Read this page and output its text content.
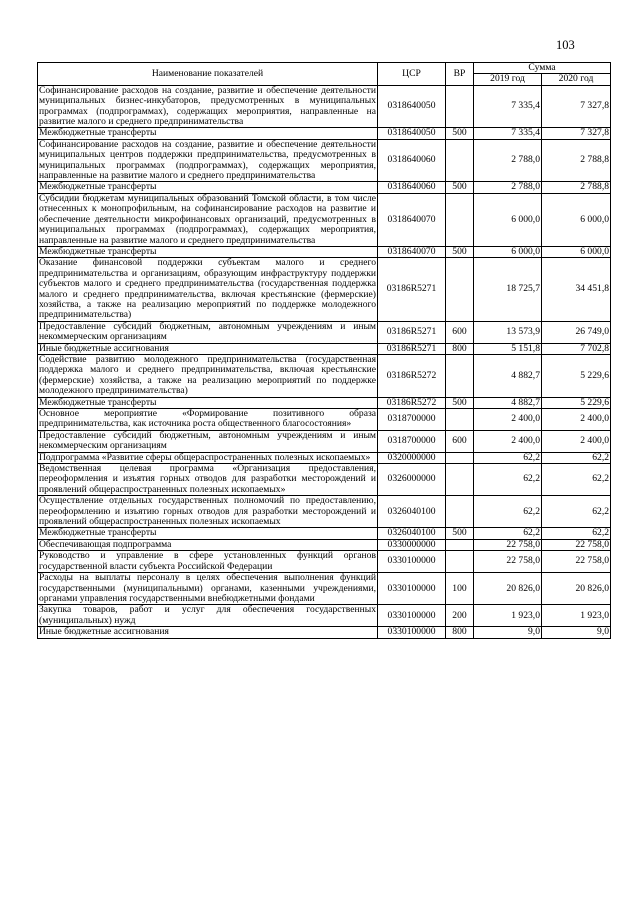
103
Наименование показателей	ЦСР	ВР	Сумма	
			2019 год	2020 год
Софинансирование расходов на создание, развитие и обеспечение деятельности муниципальных бизнес-инкубаторов, предусмотренных в муниципальных программах (подпрограммах), содержащих мероприятия, направленные на развитие малого и среднего предпринимательства	0318640050		7 335,4	7 327,8
Межбюджетные трансферты	0318640050	500	7 335,4	7 327,8
Софинансирование расходов на создание, развитие и обеспечение деятельности муниципальных центров поддержки предпринимательства, предусмотренных в муниципальных программах (подпрограммах), содержащих мероприятия, направленные на развитие малого и среднего предпринимательства	0318640060		2 788,0	2 788,8
Межбюджетные трансферты	0318640060	500	2 788,0	2 788,8
Субсидии бюджетам муниципальных образований Томской области, в том числе отнесенных к монопрофильным, на софинансирование расходов на развитие и обеспечение деятельности микрофинансовых организаций, предусмотренных в муниципальных программах (подпрограммах), содержащих мероприятия, направленные на развитие малого и среднего предпринимательства	0318640070		6 000,0	6 000,0
Межбюджетные трансферты	0318640070	500	6 000,0	6 000,0
Оказание финансовой поддержки субъектам малого и среднего предпринимательства и организациям, образующим инфраструктуру поддержки субъектов малого и среднего предпринимательства (государственная поддержка малого и среднего предпринимательства, включая крестьянские (фермерские) хозяйства, а также на реализацию мероприятий по поддержке молодежного предпринимательства)	03186R5271		18 725,7	34 451,8
Предоставление субсидий бюджетным, автономным учреждениям и иным некоммерческим организациям	03186R5271	600	13 573,9	26 749,0
Иные бюджетные ассигнования	03186R5271	800	5 151,8	7 702,8
Содействие развитию молодежного предпринимательства (государственная поддержка малого и среднего предпринимательства, включая крестьянские (фермерские) хозяйства, а также на реализацию мероприятий по поддержке молодежного предпринимательства)	03186R5272		4 882,7	5 229,6
Межбюджетные трансферты	03186R5272	500	4 882,7	5 229,6
Основное мероприятие «Формирование позитивного образа предпринимательства, как источника роста общественного благосостояния»	0318700000		2 400,0	2 400,0
Предоставление субсидий бюджетным, автономным учреждениям и иным некоммерческим организациям	0318700000	600	2 400,0	2 400,0
Подпрограмма «Развитие сферы общераспространенных полезных ископаемых»	0320000000		62,2	62,2
Ведомственная целевая программа «Организация предоставления, переоформления и изъятия горных отводов для разработки месторождений и проявлений общераспространенных полезных ископаемых»	0326000000		62,2	62,2
Осуществление отдельных государственных полномочий по предоставлению, переоформлению и изъятию горных отводов для разработки месторождений и проявлений общераспространенных полезных ископаемых	0326040100		62,2	62,2
Межбюджетные трансферты	0326040100	500	62,2	62,2
Обеспечивающая подпрограмма	0330000000		22 758,0	22 758,0
Руководство и управление в сфере установленных функций органов государственной власти субъекта Российской Федерации	0330100000		22 758,0	22 758,0
Расходы на выплаты персоналу в целях обеспечения выполнения функций государственными (муниципальными) органами, казенными учреждениями, органами управления государственными внебюджетными фондами	0330100000	100	20 826,0	20 826,0
Закупка товаров, работ и услуг для обеспечения государственных (муниципальных) нужд	0330100000	200	1 923,0	1 923,0
Иные бюджетные ассигнования	0330100000	800	9,0	9,0
